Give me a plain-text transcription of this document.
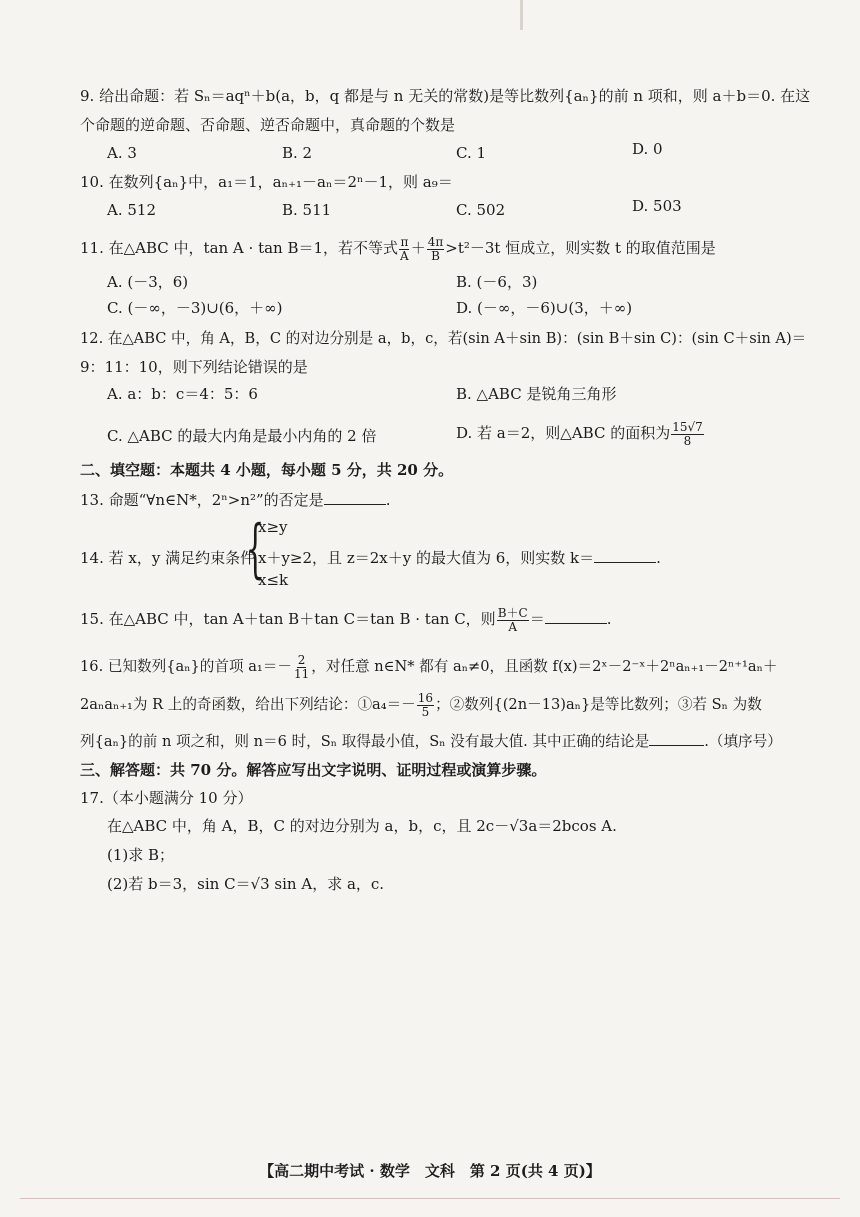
9. 给出命题：若 Sₙ＝aqⁿ＋b(a，b，q 都是与 n 无关的常数)是等比数列{aₙ}的前 n 项和，则 a＋b＝0. 在这
个命题的逆命题、否命题、逆否命题中，真命题的个数是
A. 3	B. 2	C. 1	D. 0
10. 在数列{aₙ}中，a₁＝1，aₙ₊₁－aₙ＝2ⁿ－1，则 a₉＝
A. 512	B. 511	C. 502	D. 503
11. 在△ABC 中，tan A · tan B＝1，若不等式 $\frac{\pi}{A} + \frac{4\pi}{B} >t^2-3t$ 恒成立，则实数 t 的取值范围是
A. (－3，6)	B. (－6，3)
C. (－∞，－3)∪(6，＋∞)	D. (－∞，－6)∪(3，＋∞)
12. 在△ABC 中，角 A，B，C 的对边分别是 a，b，c，若(sin A＋sin B)：(sin B＋sin C)：(sin C＋sin A)＝
9：11：10，则下列结论错误的是
A. a：b：c＝4：5：6	B. △ABC 是锐角三角形
C. △ABC 的最大内角是最小内角的 2 倍	D. 若 a＝2，则△ABC 的面积为 $\frac{15√7}{8}$
二、填空题：本题共 4 小题，每小题 5 分，共 20 分。
13. 命题“∀n∈N*，2ⁿ>n²”的否定是	.
14. 若 x，y 满足约束条件
{
x≥y
x＋y≥2，且 z＝2x＋y 的最大值为 6，则实数 k＝	.
x≤k
15. 在△ABC 中，tan A＋tan B＋tan C＝tan B · tan C，则 $\frac{B+C}{A}$ ＝	.
16. 已知数列{aₙ}的首项 $a_1=- \frac{2}{11}$ ，对任意 n∈N* 都有 aₙ≠0，且函数 f(x)＝2ˣ－2⁻ˣ＋2ⁿaₙ₊₁－2ⁿ⁺¹aₙ＋
2aₙaₙ₊₁为 R 上的奇函数，给出下列结论：①a₄＝－ $\frac{16}{5}$ ；②数列{(2n－13)aₙ}是等比数列；③若 Sₙ 为数
列{aₙ}的前 n 项之和，则 n＝6 时，Sₙ 取得最小值，Sₙ 没有最大值. 其中正确的结论是	.（填序号）
三、解答题：共 70 分。解答应写出文字说明、证明过程或演算步骤。
17.（本小题满分 10 分）
在△ABC 中，角 A，B，C 的对边分别为 a，b，c，且 2c－√3a＝2bcos A.
(1)求 B；
(2)若 b＝3，sin C＝√3 sin A，求 a，c.
【高二期中考试 · 数学　文科　第 2 页(共 4 页)】
